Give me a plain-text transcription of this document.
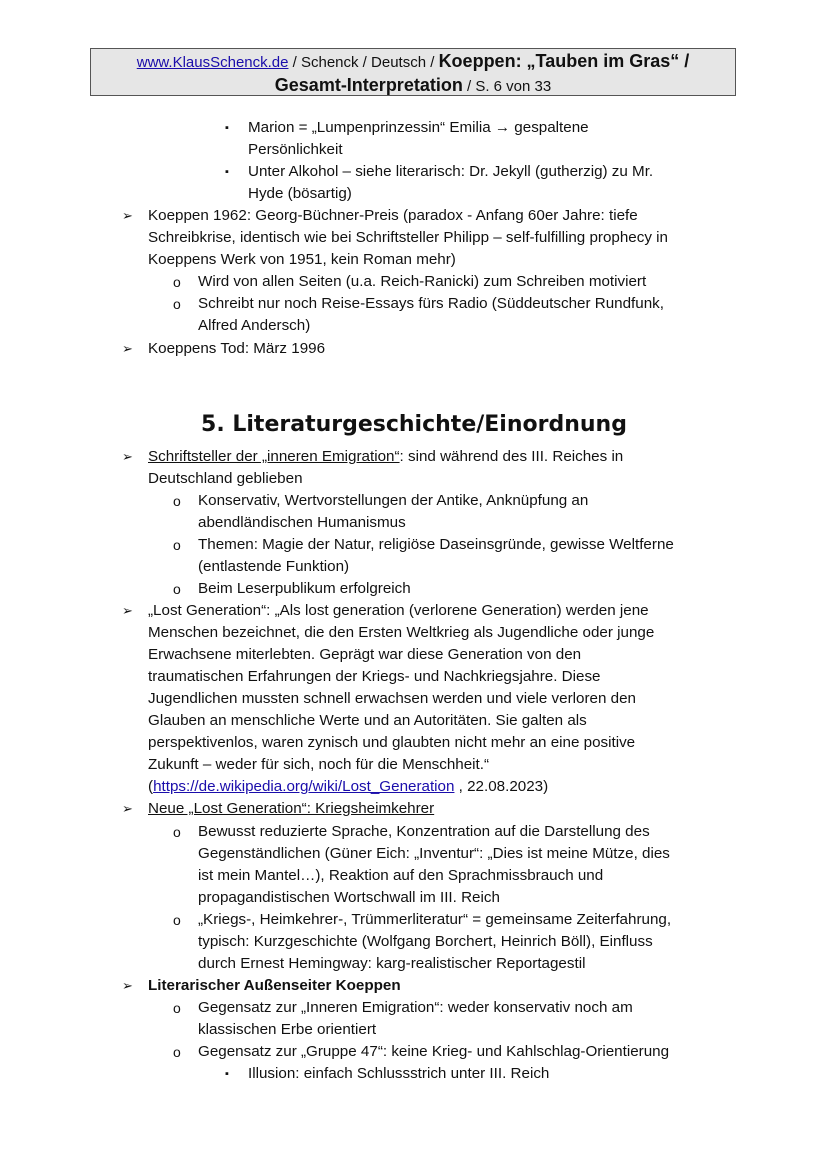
www.KlausSchenck.de / Schenck / Deutsch / Koeppen: „Tauben im Gras“ /
Gesamt-Interpretation / S. 6 von 33
▪ Marion = „Lumpenprinzessin“ Emilia → gespaltene
Persönlichkeit
▪ Unter Alkohol – siehe literarisch: Dr. Jekyll (gutherzig) zu Mr.
Hyde (bösartig)
➢ Koeppen 1962: Georg-Büchner-Preis (paradox - Anfang 60er Jahre: tiefe
Schreibkrise, identisch wie bei Schriftsteller Philipp – self-fulfilling prophecy in
Koeppens Werk von 1951, kein Roman mehr)
o Wird von allen Seiten (u.a. Reich-Ranicki) zum Schreiben motiviert
o Schreibt nur noch Reise-Essays fürs Radio (Süddeutscher Rundfunk,
Alfred Andersch)
➢ Koeppens Tod: März 1996
5. Literaturgeschichte/Einordnung
➢ Schriftsteller der „inneren Emigration“: sind während des III. Reiches in
Deutschland geblieben
o Konservativ, Wertvorstellungen der Antike, Anknüpfung an
abendländischen Humanismus
o Themen: Magie der Natur, religiöse Daseinsgründe, gewisse Weltferne
(entlastende Funktion)
o Beim Leserpublikum erfolgreich
➢ „Lost Generation“: „Als lost generation (verlorene Generation) werden jene
Menschen bezeichnet, die den Ersten Weltkrieg als Jugendliche oder junge
Erwachsene miterlebten. Geprägt war diese Generation von den
traumatischen Erfahrungen der Kriegs- und Nachkriegsjahre. Diese
Jugendlichen mussten schnell erwachsen werden und viele verloren den
Glauben an menschliche Werte und an Autoritäten. Sie galten als
perspektivenlos, waren zynisch und glaubten nicht mehr an eine positive
Zukunft – weder für sich, noch für die Menschheit.“
(https://de.wikipedia.org/wiki/Lost_Generation , 22.08.2023)
➢ Neue „Lost Generation“: Kriegsheimkehrer
o Bewusst reduzierte Sprache, Konzentration auf die Darstellung des
Gegenständlichen (Güner Eich: „Inventur“: „Dies ist meine Mütze, dies
ist mein Mantel…), Reaktion auf den Sprachmissbrauch und
propagandistischen Wortschwall im III. Reich
o „Kriegs-, Heimkehrer-, Trümmerliteratur“ = gemeinsame Zeiterfahrung,
typisch: Kurzgeschichte (Wolfgang Borchert, Heinrich Böll), Einfluss
durch Ernest Hemingway: karg-realistischer Reportagestil
➢ Literarischer Außenseiter Koeppen
o Gegensatz zur „Inneren Emigration“: weder konservativ noch am
klassischen Erbe orientiert
o Gegensatz zur „Gruppe 47“: keine Krieg- und Kahlschlag-Orientierung
▪ Illusion: einfach Schlussstrich unter III. Reich
